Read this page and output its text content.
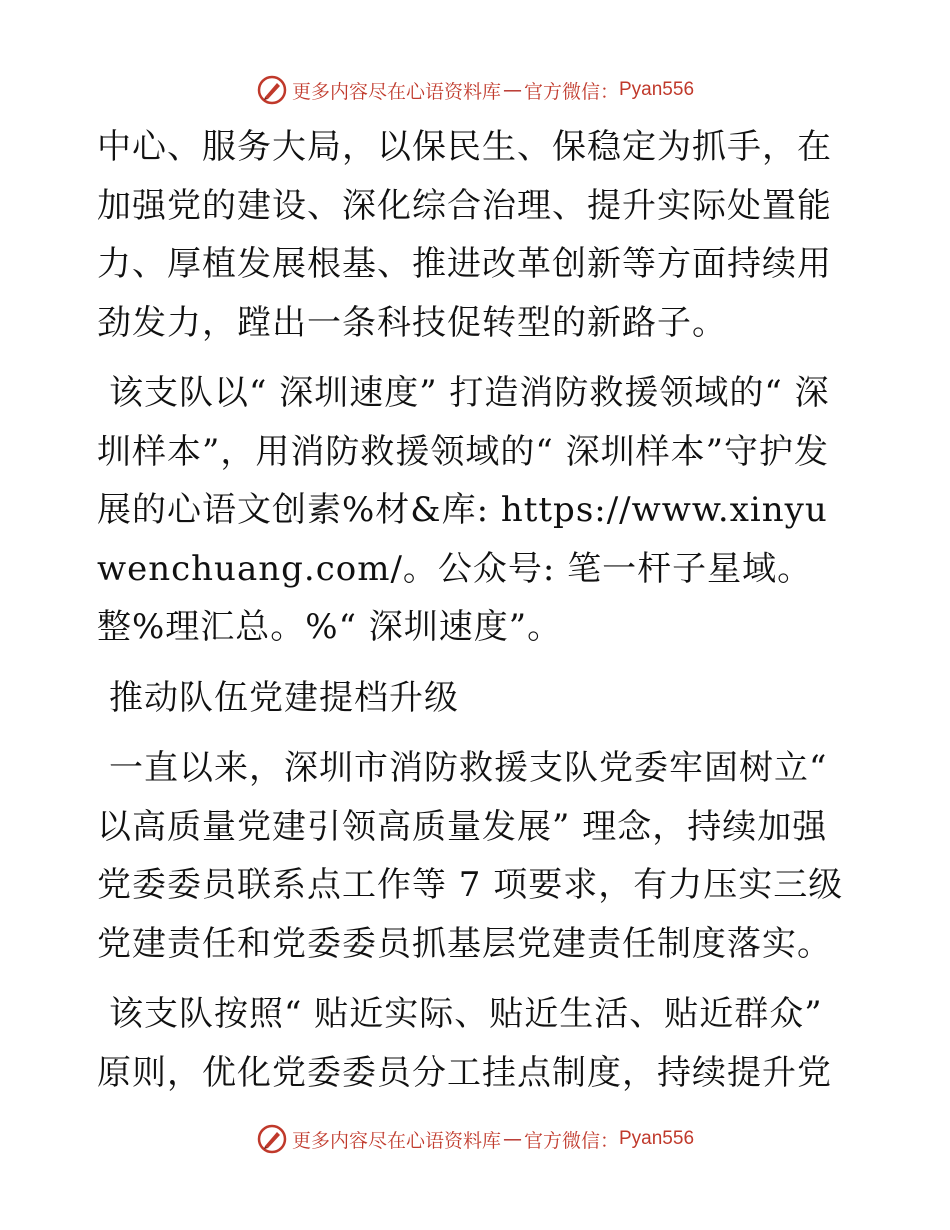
更多内容尽在心语资料库 — 官方微信： Pyan556

中心、服务大局，以保民生、保稳定为抓手，在加强党的建设、深化综合治理、提升实际处置能力、厚植发展根基、推进改革创新等方面持续用劲发力，蹚出一条科技促转型的新路子。

该支队以“ 深圳速度” 打造消防救援领域的“ 深圳样本”，用消防救援领域的“ 深圳样本”守护发展的心语文创素%材&库: https://www.xinyuwenchuang.com/。公众号: 笔一杆子星域。整%理汇总。%“ 深圳速度”。

推动队伍党建提档升级

一直以来，深圳市消防救援支队党委牢固树立“ 以高质量党建引领高质量发展” 理念，持续加强党委委员联系点工作等 7 项要求，有力压实三级党建责任和党委委员抓基层党建责任制度落实。

该支队按照“ 贴近实际、贴近生活、贴近群众” 原则，优化党委委员分工挂点制度，持续提升党

更多内容尽在心语资料库 — 官方微信： Pyan556
